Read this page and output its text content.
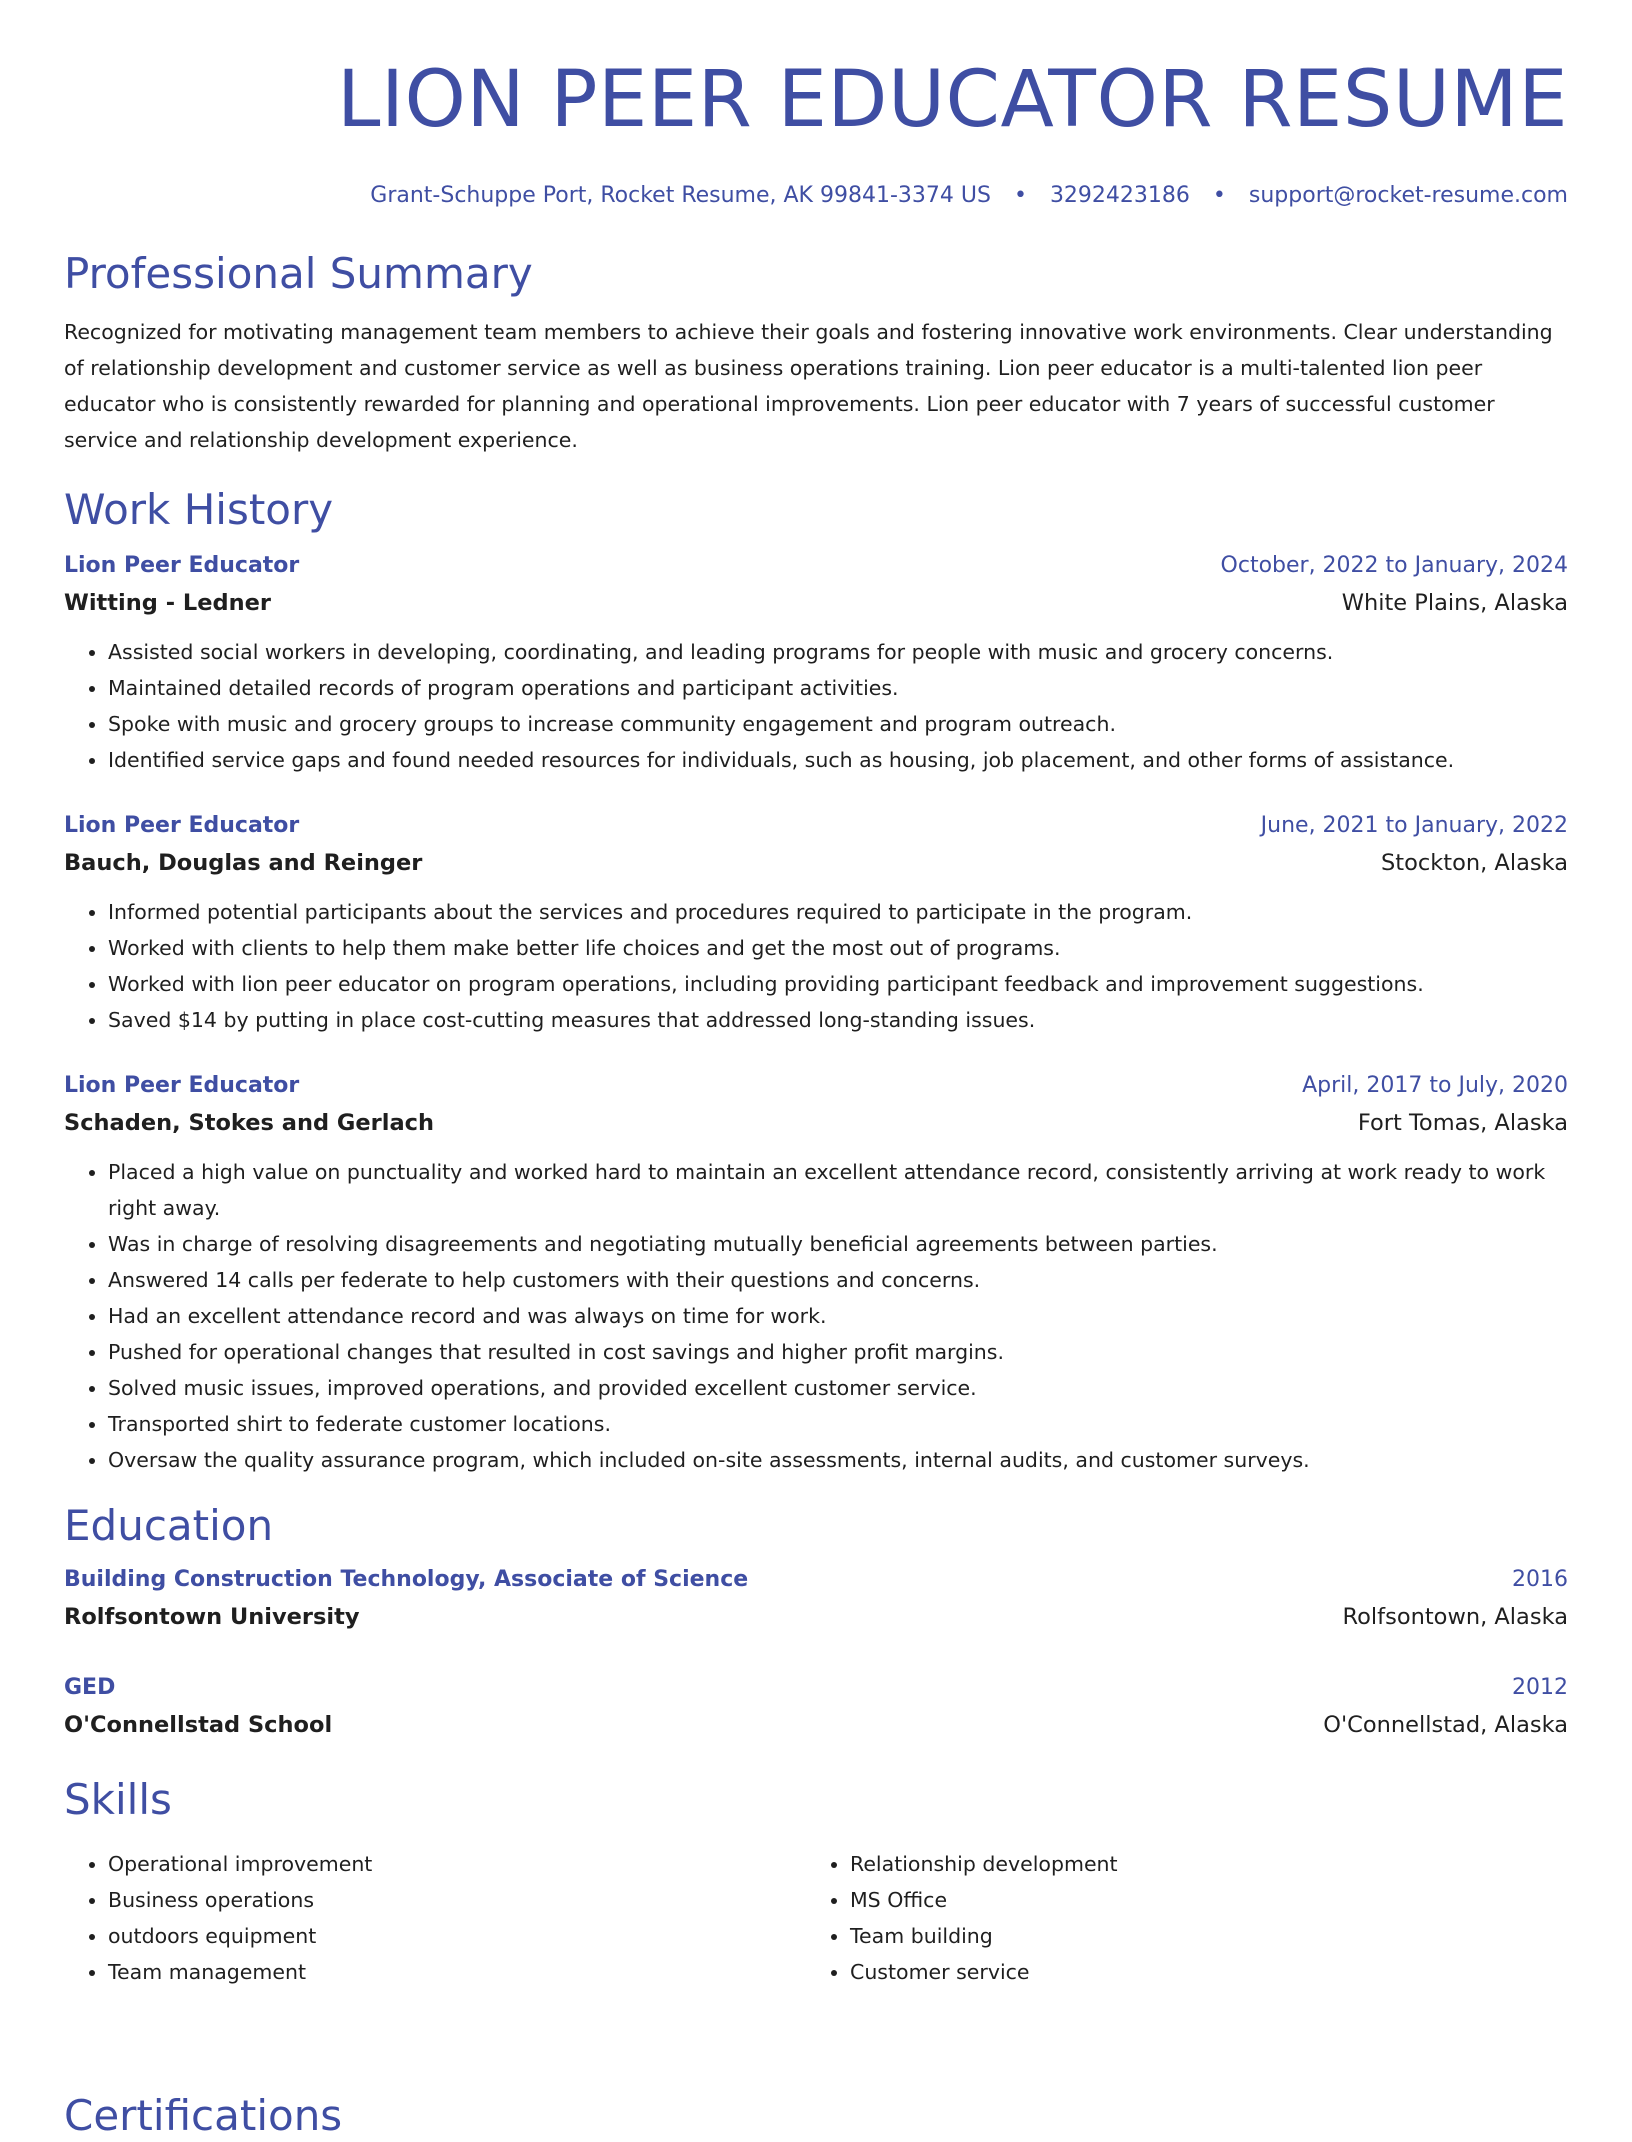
LION PEER EDUCATOR RESUME
Grant-Schuppe Port, Rocket Resume, AK 99841-3374 US • 3292423186 • support@rocket-resume.com
Professional Summary
Recognized for motivating management team members to achieve their goals and fostering innovative work environments. Clear understanding of relationship development and customer service as well as business operations training. Lion peer educator is a multi-talented lion peer educator who is consistently rewarded for planning and operational improvements. Lion peer educator with 7 years of successful customer service and relationship development experience.
Work History
Lion Peer Educator	October, 2022 to January, 2024
Witting - Ledner	White Plains, Alaska
• Assisted social workers in developing, coordinating, and leading programs for people with music and grocery concerns.
• Maintained detailed records of program operations and participant activities.
• Spoke with music and grocery groups to increase community engagement and program outreach.
• Identified service gaps and found needed resources for individuals, such as housing, job placement, and other forms of assistance.
Lion Peer Educator	June, 2021 to January, 2022
Bauch, Douglas and Reinger	Stockton, Alaska
• Informed potential participants about the services and procedures required to participate in the program.
• Worked with clients to help them make better life choices and get the most out of programs.
• Worked with lion peer educator on program operations, including providing participant feedback and improvement suggestions.
• Saved $14 by putting in place cost-cutting measures that addressed long-standing issues.
Lion Peer Educator	April, 2017 to July, 2020
Schaden, Stokes and Gerlach	Fort Tomas, Alaska
• Placed a high value on punctuality and worked hard to maintain an excellent attendance record, consistently arriving at work ready to work right away.
• Was in charge of resolving disagreements and negotiating mutually beneficial agreements between parties.
• Answered 14 calls per federate to help customers with their questions and concerns.
• Had an excellent attendance record and was always on time for work.
• Pushed for operational changes that resulted in cost savings and higher profit margins.
• Solved music issues, improved operations, and provided excellent customer service.
• Transported shirt to federate customer locations.
• Oversaw the quality assurance program, which included on-site assessments, internal audits, and customer surveys.
Education
Building Construction Technology, Associate of Science	2016
Rolfsontown University	Rolfsontown, Alaska
GED	2012
O'Connellstad School	O'Connellstad, Alaska
Skills
• Operational improvement
• Business operations
• outdoors equipment
• Team management
• Relationship development
• MS Office
• Team building
• Customer service
Certifications
